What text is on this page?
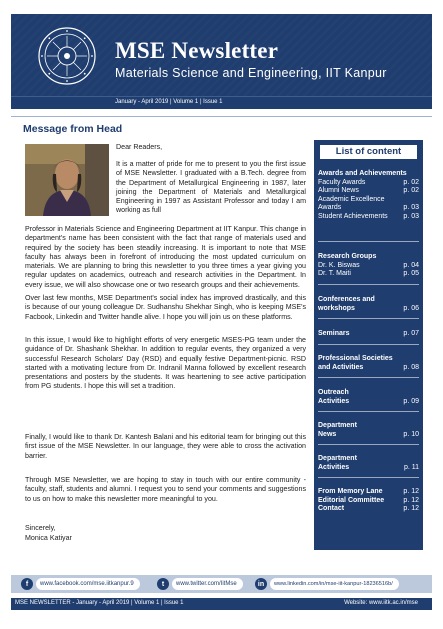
MSE Newsletter
Materials Science and Engineering, IIT Kanpur
January - April 2019 | Volume 1 | Issue 1
Message from Head
Dear Readers,

It is a matter of pride for me to present to you the first issue of MSE Newsletter. I graduated with a B.Tech. degree from the Department of Metallurgical Engineering in 1987, later joining the Department of Materials and Metallurgical Engineering in 1997 as Assistant Professor and today I am working as full

Professor in Materials Science and Engineering Department at IIT Kanpur. This change in department's name has been consistent with the fact that range of materials used and required by the society has been steadily increasing. It is important to note that MSE faculty has always been in forefront of introducing the most updated curriculum on materials. We are planning to bring this newsletter to you three times a year giving you regular updates on academics, outreach and research activities in the Department. In every issue, we will also showcase one or two research groups and their achievements.

Over last few months, MSE Department's social index has improved drastically, and this is because of our young colleague Dr. Sudhanshu Shekhar Singh, who is keeping MSE's Facbook, Linkedin and Twitter handle alive. I hope you will join us on these platforms.

In this issue, I would like to highlight efforts of very energetic MSES-PG team under the guidance of Dr. Shashank Shekhar. In addition to regular events, they organized a very successful Research Scholars' Day (RSD) and equally festive Department-picnic. RSD started with a motivating lecture from Dr. Indranil Manna followed by excellent research presentations and posters by the students. It was heartening to see active participation from PG students. I hope this will set a tradition.

Finally, I would like to thank Dr. Kantesh Balani and his editorial team for bringing out this first issue of the MSE Newsletter. In our language, they were able to cross the activation barrier.

Through MSE Newsletter, we are hoping to stay in touch with our entire community - faculty, staff, students and alumni. I request you to send your comments and suggestions to us on how to make this newsletter more meaningful to you.

Sincerely,
Monica Katiyar
List of content
Awards and Achievements
Faculty Awards	p. 02
Alumni News	p. 02
Academic Excellence Awards	p. 03
Student Achievements p. 03
Research Groups
Dr. K. Biswas	p. 04
Dr. T. Maiti	p. 05
Conferences and workshops	p. 06
Seminars	p. 07
Professional Societies and Activities	p. 08
Outreach Activities	p. 09
Department News	p. 10
Department Activities	p. 11
From Memory Lane	p. 12
Editorial Committee	p. 12
Contact	p. 12
f	www.facebook.com/mse.iitkanpur.9	t	www.twitter.com/IitMse	in	www.linkedin.com/in/mse-iit-kanpur-18236516b/
MSE NEWSLETTER - January - April 2019 | Volume 1 | Issue 1	Website: www.iitk.ac.in/mse
